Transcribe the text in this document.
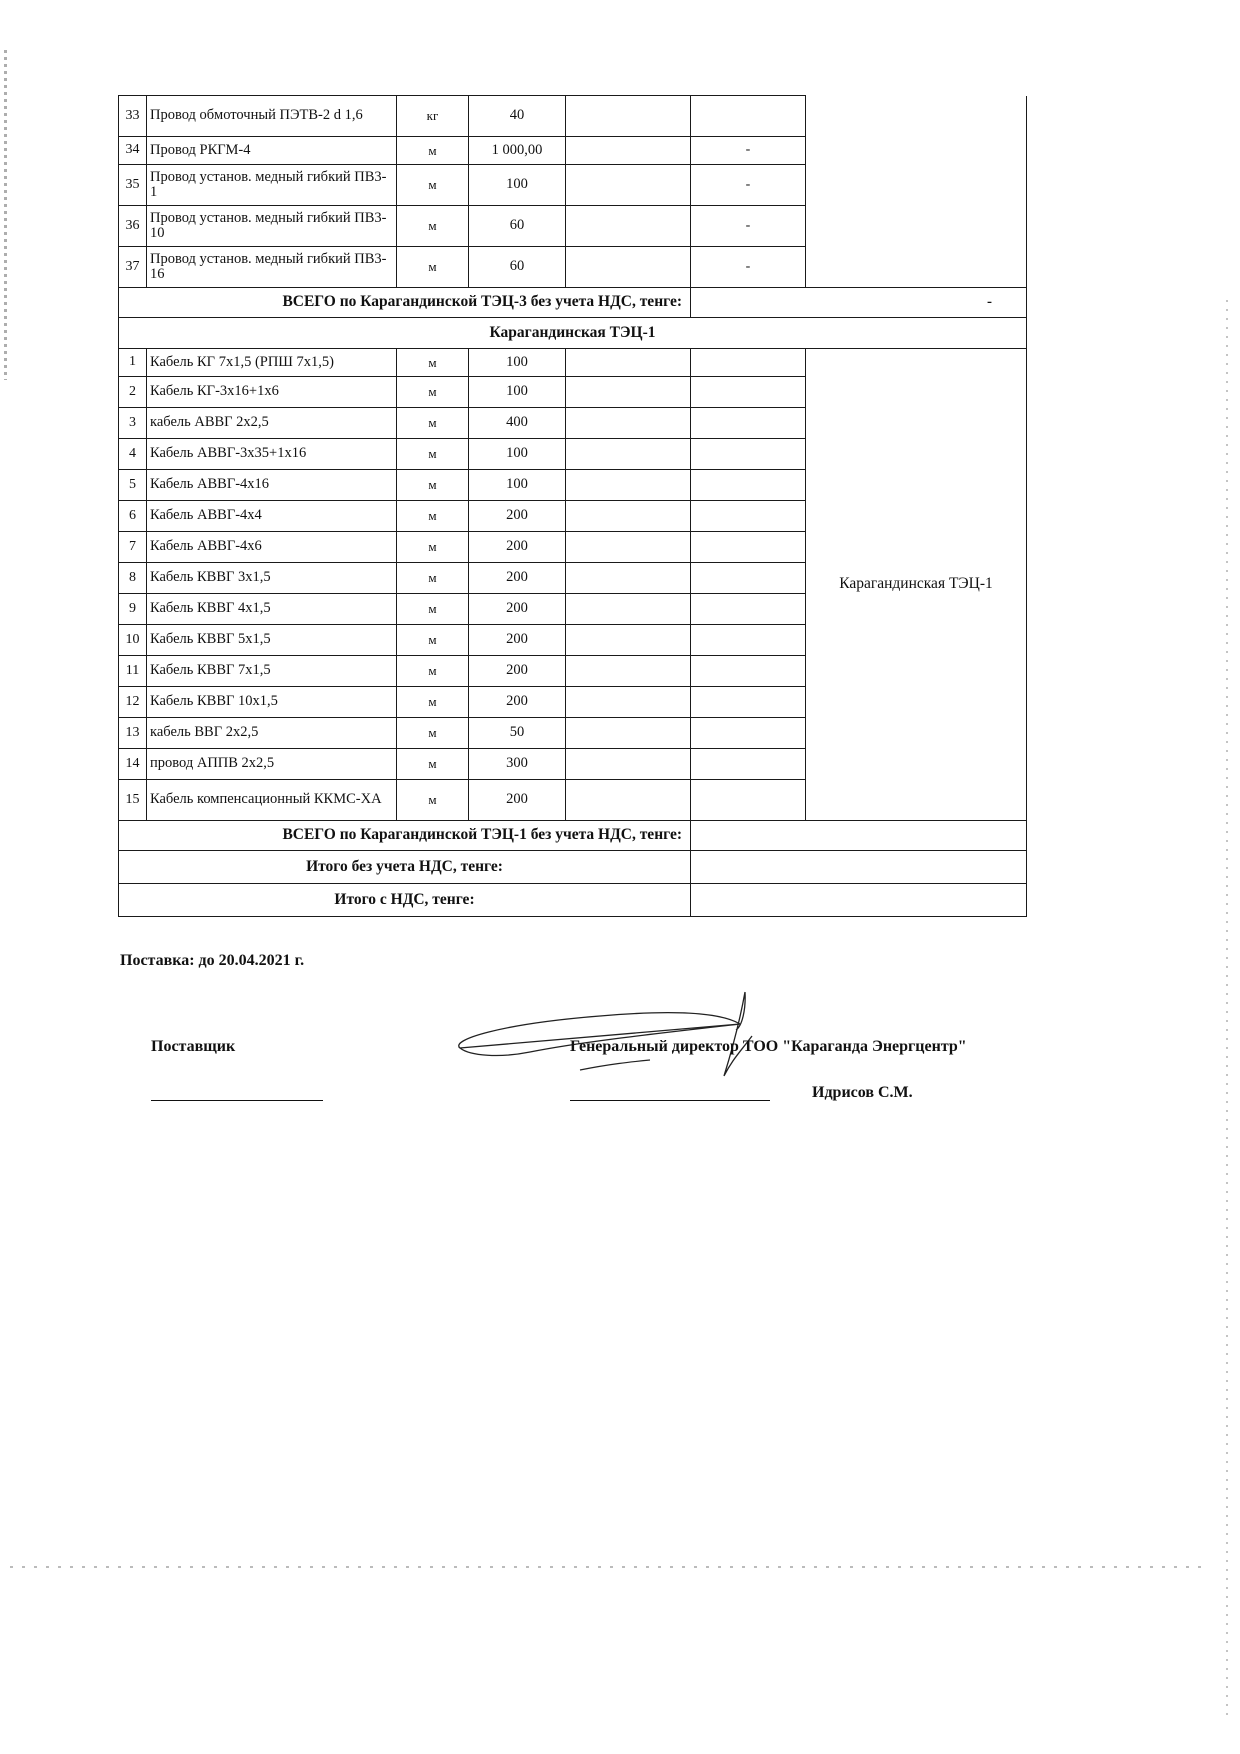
33	Провод обмоточный ПЭТВ-2 d 1,6	кг	40			
34	Провод РКГМ-4	м	1 000,00		-	
35	Провод установ. медный гибкий ПВ3-1	м	100		-	
36	Провод установ. медный гибкий ПВ3-10	м	60		-	
37	Провод установ. медный гибкий ПВ3-16	м	60		-	
ВСЕГО по Карагандинской ТЭЦ-3 без учета НДС, тенге:					-	
Карагандинская ТЭЦ-1						
1	Кабель КГ 7х1,5 (РПШ 7х1,5)	м	100			Карагандинская ТЭЦ-1
2	Кабель КГ-3х16+1х6	м	100			
3	кабель АВВГ 2х2,5	м	400			
4	Кабель АВВГ-3х35+1х16	м	100			
5	Кабель АВВГ-4х16	м	100			
6	Кабель АВВГ-4х4	м	200			
7	Кабель АВВГ-4х6	м	200			
8	Кабель КВВГ 3х1,5	м	200			
9	Кабель КВВГ 4х1,5	м	200			
10	Кабель КВВГ 5х1,5	м	200			
11	Кабель КВВГ 7х1,5	м	200			
12	Кабель КВВГ 10х1,5	м	200			
13	кабель ВВГ 2х2,5	м	50			
14	провод АППВ 2х2,5	м	300			
15	Кабель компенсационный ККМС-ХА	м	200			
ВСЕГО по Карагандинской ТЭЦ-1 без учета НДС, тенге:						
Итого без учета НДС, тенге:						
Итого с НДС, тенге:						
Поставка: до 20.04.2021 г.
Поставщик	Генеральный директор ТОО "Караганда Энергцентр"
Идрисов С.М.
